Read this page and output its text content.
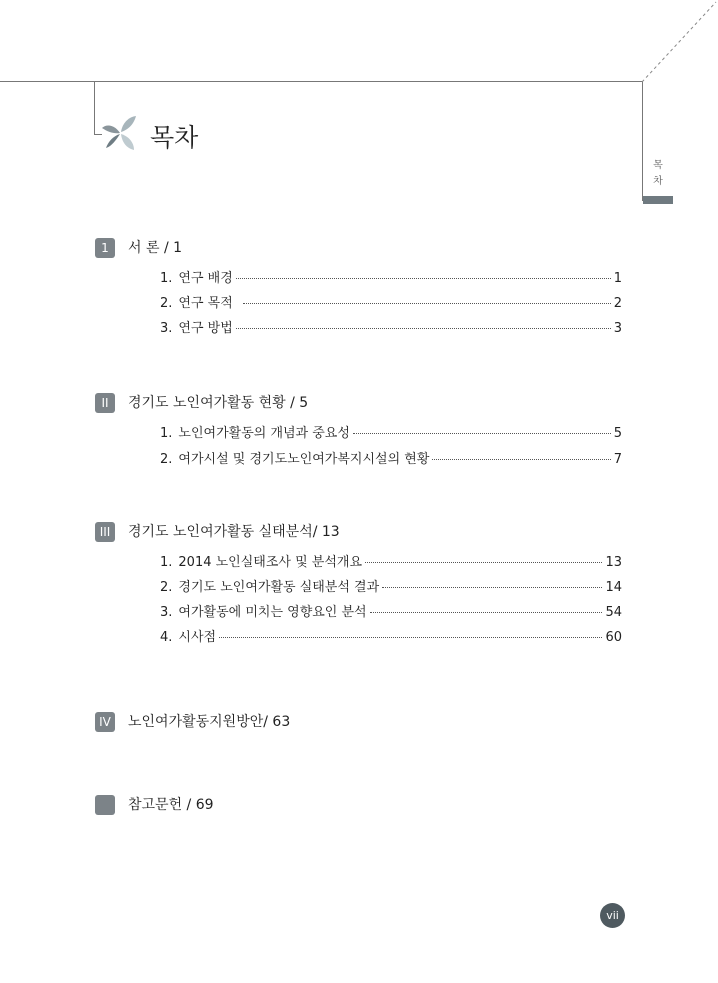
목차
목
차
1	서 론 / 1
1. 연구 배경	1
2. 연구 목적	2
3. 연구 방법	3
II	경기도 노인여가활동 현황 / 5
1. 노인여가활동의 개념과 중요성	5
2. 여가시설 및 경기도노인여가복지시설의 현황	7
III	경기도 노인여가활동 실태분석/ 13
1. 2014 노인실태조사 및 분석개요	13
2. 경기도 노인여가활동 실태분석 결과	14
3. 여가활동에 미치는 영향요인 분석	54
4. 시사점	60
IV 노인여가활동지원방안/ 63
참고문헌 / 69
vii
